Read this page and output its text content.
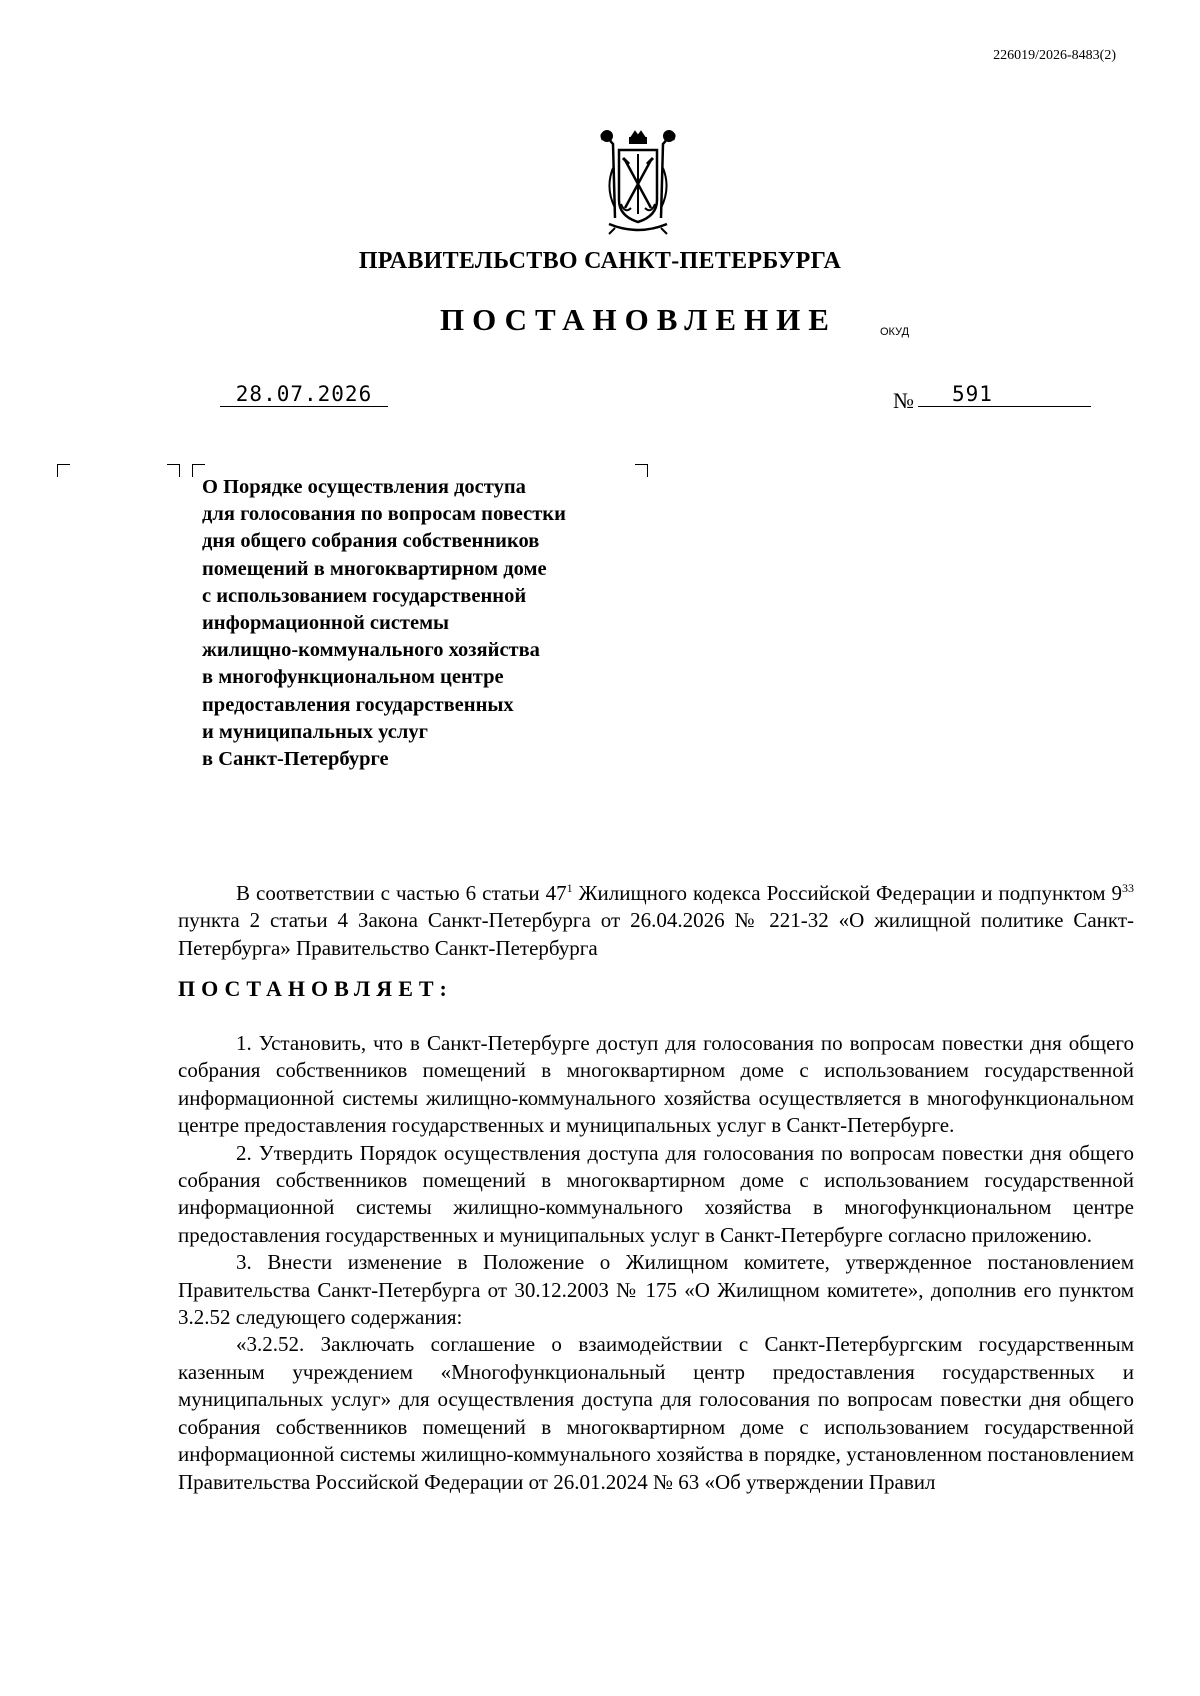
226019/2026-8483(2)
ПРАВИТЕЛЬСТВО САНКТ-ПЕТЕРБУРГА
ПОСТАНОВЛЕНИЕ	ОКУД
28.07.2026	№	591
О Порядке осуществления доступа
для голосования по вопросам повестки
дня общего собрания собственников
помещений в многоквартирном доме
с использованием государственной
информационной системы
жилищно-коммунального хозяйства
в многофункциональном центре
предоставления государственных
и муниципальных услуг
в Санкт-Петербурге

В соответствии с частью 6 статьи $47^1$ Жилищного кодекса Российской Федерации и подпунктом $9^{33}$ пункта 2 статьи 4 Закона Санкт-Петербурга от 26.04.2026 № 221-32 «О жилищной политике Санкт-Петербурга» Правительство Санкт-Петербурга

ПОСТАНОВЛЯЕТ:

1. Установить, что в Санкт-Петербурге доступ для голосования по вопросам повестки дня общего собрания собственников помещений в многоквартирном доме с использованием государственной информационной системы жилищно-коммунального хозяйства осуществляется в многофункциональном центре предоставления государственных и муниципальных услуг в Санкт-Петербурге.

2. Утвердить Порядок осуществления доступа для голосования по вопросам повестки дня общего собрания собственников помещений в многоквартирном доме с использованием государственной информационной системы жилищно-коммунального хозяйства в многофункциональном центре предоставления государственных и муниципальных услуг в Санкт-Петербурге согласно приложению.

3. Внести изменение в Положение о Жилищном комитете, утвержденное постановлением Правительства Санкт-Петербурга от 30.12.2003 № 175 «О Жилищном комитете», дополнив его пунктом 3.2.52 следующего содержания:

«3.2.52. Заключать соглашение о взаимодействии с Санкт-Петербургским государственным казенным учреждением «Многофункциональный центр предоставления государственных и муниципальных услуг» для осуществления доступа для голосования по вопросам повестки дня общего собрания собственников помещений в многоквартирном доме с использованием государственной информационной системы жилищно-коммунального хозяйства в порядке, установленном постановлением Правительства Российской Федерации от 26.01.2024 № 63 «Об утверждении Правил
